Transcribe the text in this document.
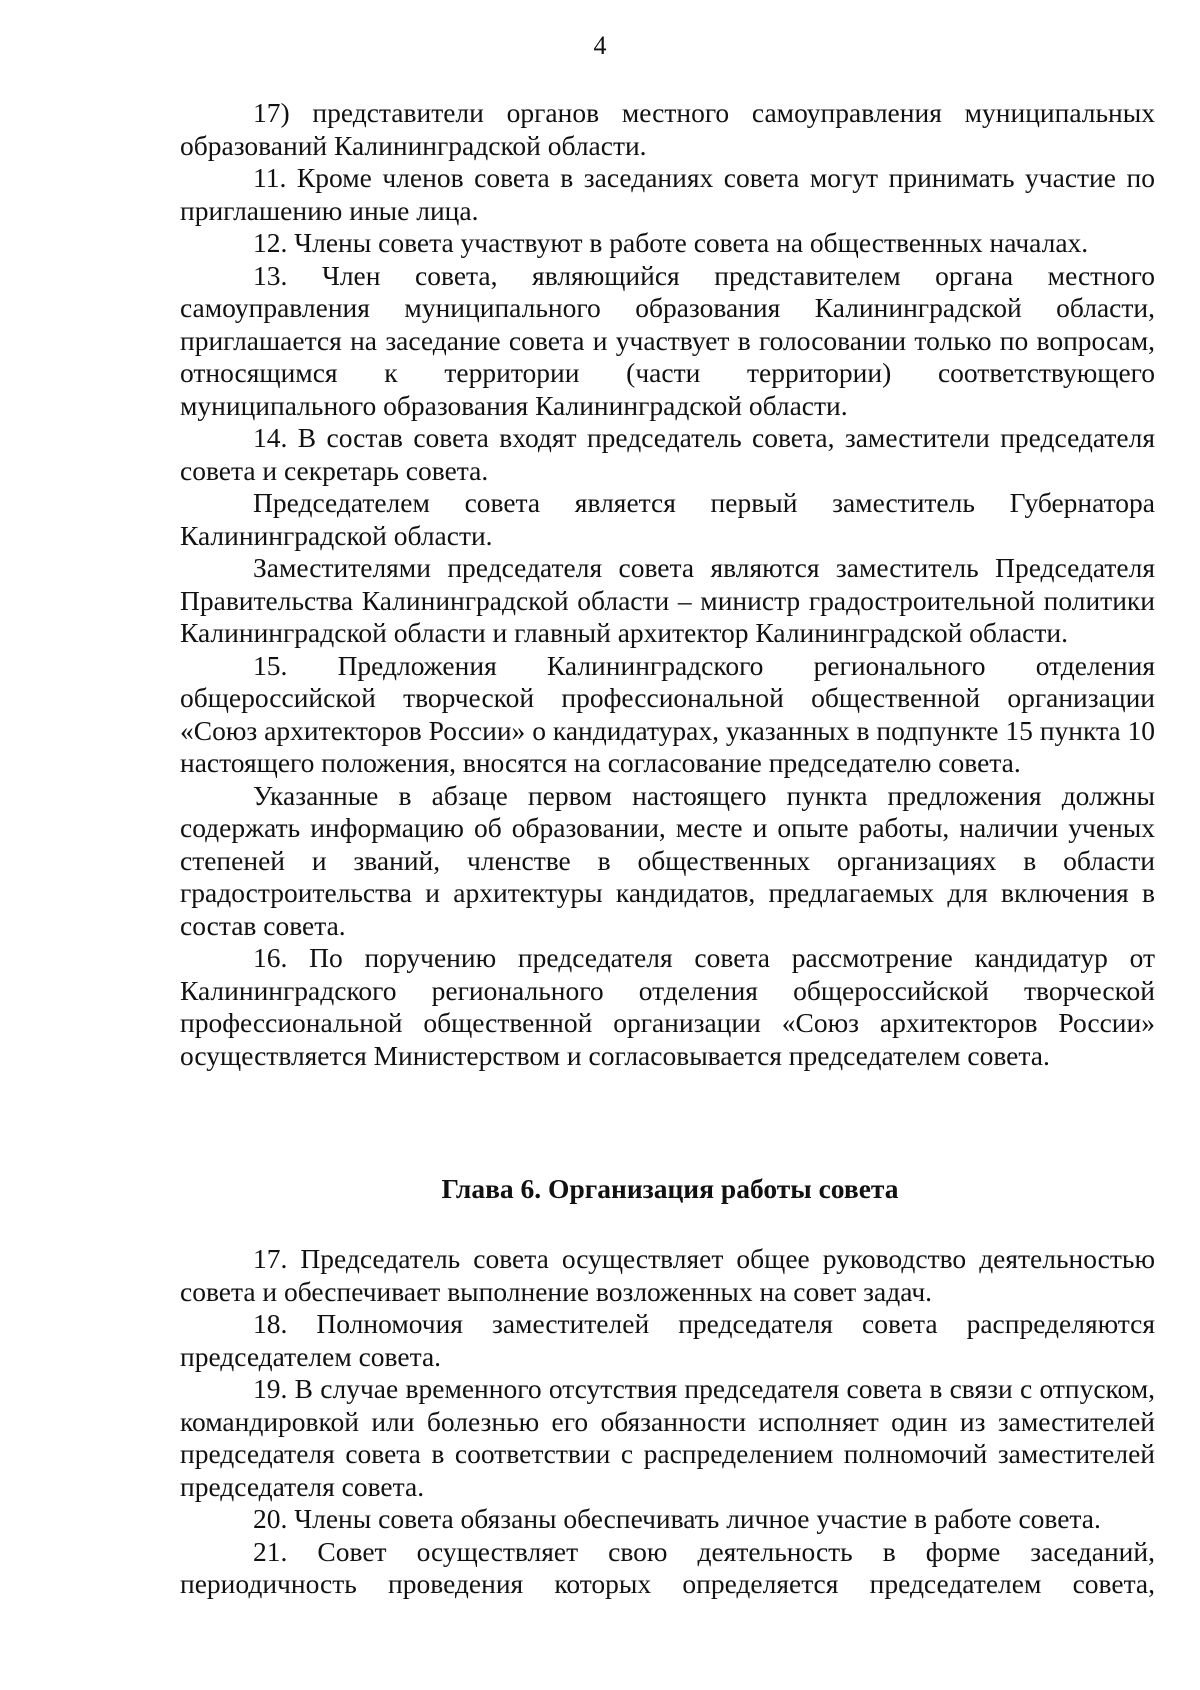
4

17) представители органов местного самоуправления муниципальных образований Калининградской области.

11. Кроме членов совета в заседаниях совета могут принимать участие по приглашению иные лица.

12. Члены совета участвуют в работе совета на общественных началах.

13. Член совета, являющийся представителем органа местного самоуправления муниципального образования Калининградской области, приглашается на заседание совета и участвует в голосовании только по вопросам, относящимся к территории (части территории) соответствующего муниципального образования Калининградской области.

14. В состав совета входят председатель совета, заместители председателя совета и секретарь совета.

Председателем совета является первый заместитель Губернатора Калининградской области.

Заместителями председателя совета являются заместитель Председателя Правительства Калининградской области – министр градостроительной политики Калининградской области и главный архитектор Калининградской области.

15. Предложения Калининградского регионального отделения общероссийской творческой профессиональной общественной организации «Союз архитекторов России» о кандидатурах, указанных в подпункте 15 пункта 10 настоящего положения, вносятся на согласование председателю совета.

Указанные в абзаце первом настоящего пункта предложения должны содержать информацию об образовании, месте и опыте работы, наличии ученых степеней и званий, членстве в общественных организациях в области градостроительства и архитектуры кандидатов, предлагаемых для включения в состав совета.

16. По поручению председателя совета рассмотрение кандидатур от Калининградского регионального отделения общероссийской творческой профессиональной общественной организации «Союз архитекторов России» осуществляется Министерством и согласовывается председателем совета.

Глава 6. Организация работы совета

17. Председатель совета осуществляет общее руководство деятельностью совета и обеспечивает выполнение возложенных на совет задач.

18. Полномочия заместителей председателя совета распределяются председателем совета.

19. В случае временного отсутствия председателя совета в связи с отпуском, командировкой или болезнью его обязанности исполняет один из заместителей председателя совета в соответствии с распределением полномочий заместителей председателя совета.

20. Члены совета обязаны обеспечивать личное участие в работе совета.

21. Совет осуществляет свою деятельность в форме заседаний, периодичность проведения которых определяется председателем совета,
